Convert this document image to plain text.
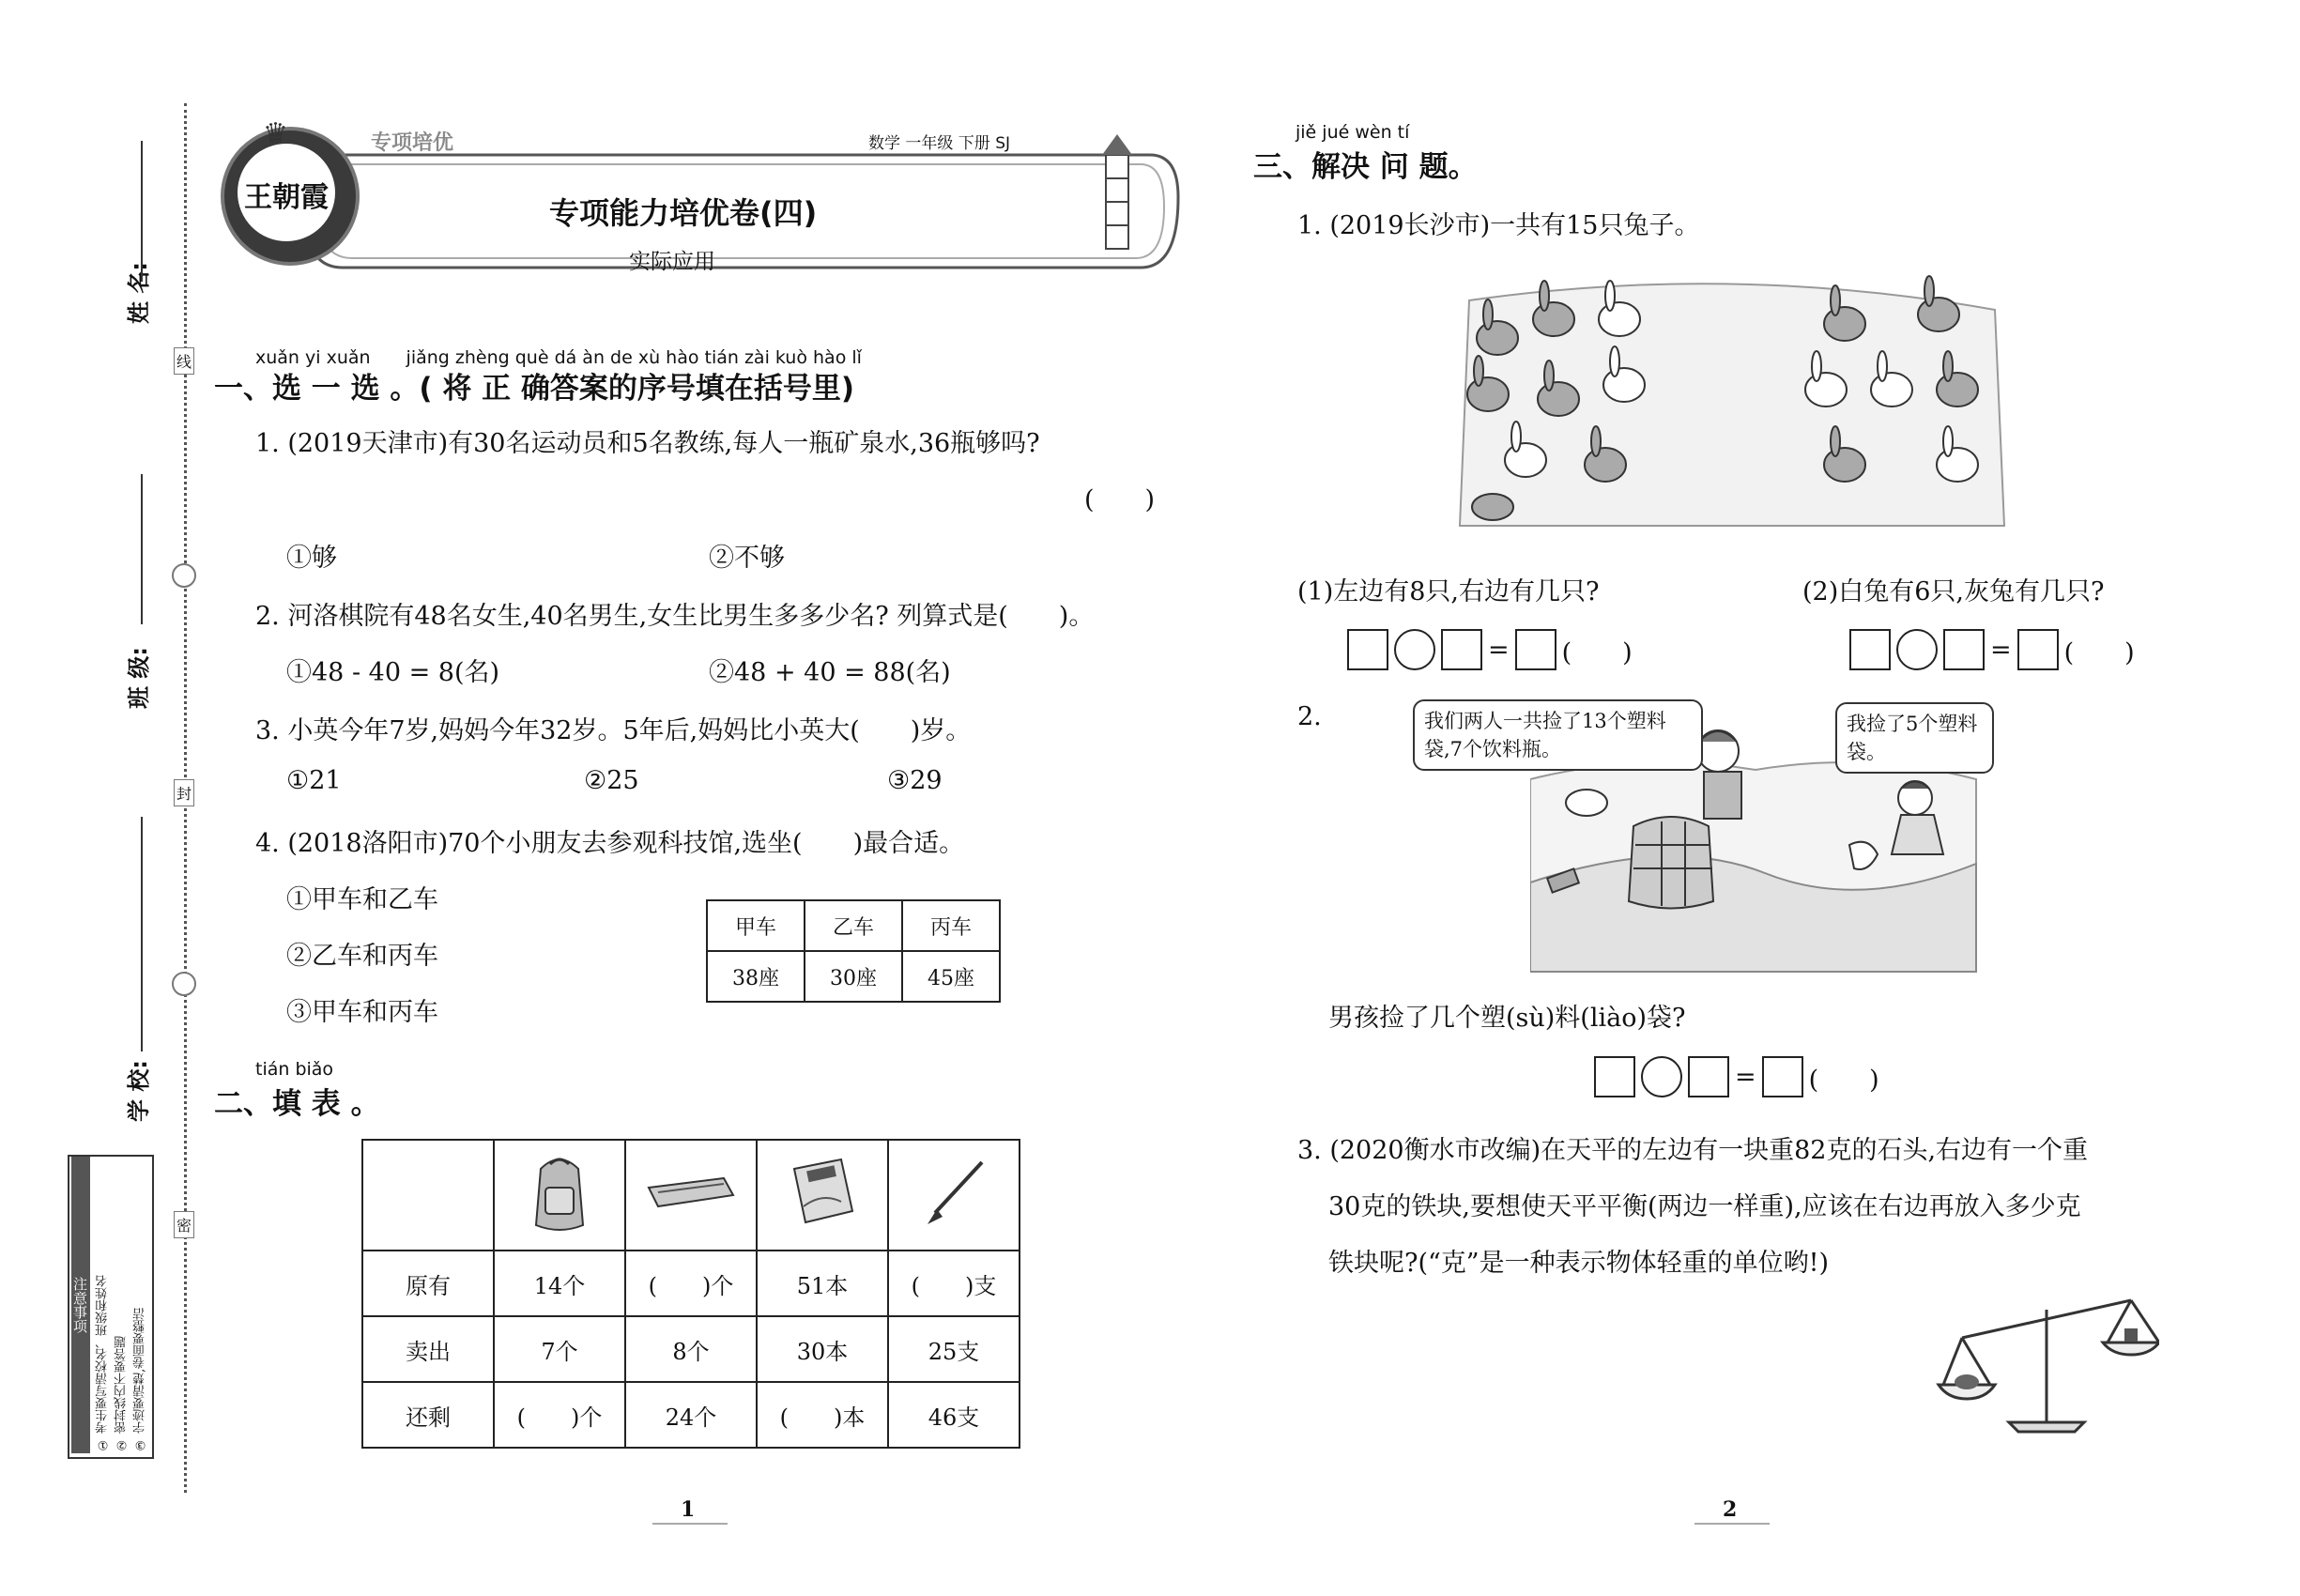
线
封
密
姓 名:
班 级:
学 校:
注意事项 ① 考生要写清校名、班级和姓名 ② 密封线内不要答题 ③ 字迹要清楚,卷面要整洁
♛
王朝霞
专项培优	数学 一年级 下册 SJ
专项能力培优卷(四)
实际应用
xuǎn yi xuǎn　　jiǎng zhèng què dá àn de xù hào tián zài kuò hào lǐ
一、选 一 选 。( 将 正 确答案的序号填在括号里)
1. (2019天津市)有30名运动员和5名教练,每人一瓶矿泉水,36瓶够吗?
(　　)
①够	②不够
2. 河洛棋院有48名女生,40名男生,女生比男生多多少名? 列算式是(　　)。
①48 - 40 = 8(名)	②48 + 40 = 88(名)
3. 小英今年7岁,妈妈今年32岁。5年后,妈妈比小英大(　　)岁。
①21	②25	③29
4. (2018洛阳市)70个小朋友去参观科技馆,选坐(　　)最合适。
①甲车和乙车
②乙车和丙车
③甲车和丙车
甲车	乙车	丙车
38座	30座	45座
tián biǎo
二、填 表 。

原有	14个	(　　)个	51本	(　　)支
卖出	7个	8个	30本	25支
还剩	(　　)个	24个	(　　)本	46支
1	2
jiě jué wèn tí
三、解决 问 题。
1. (2019长沙市)一共有15只兔子。
(1)左边有8只,右边有几只?	(2)白兔有6只,灰兔有几只?
= (　　)	= (　　)
2.	我们两人一共捡了13个塑料袋,7个饮料瓶。
我捡了5个塑料袋。
男孩捡了几个塑(sù)料(liào)袋?
= (　　)
3. (2020衡水市改编)在天平的左边有一块重82克的石头,右边有一个重
30克的铁块,要想使天平平衡(两边一样重),应该在右边再放入多少克
铁块呢?(“克”是一种表示物体轻重的单位哟!)
